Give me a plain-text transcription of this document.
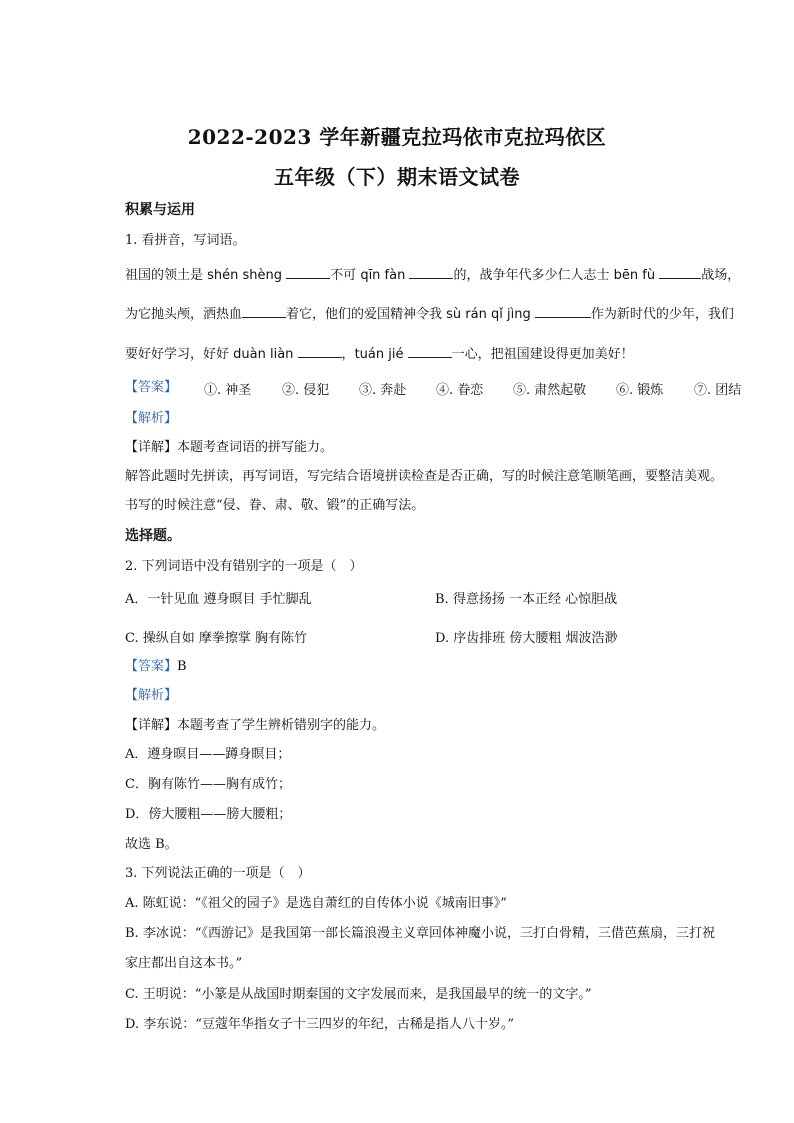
2022-2023 学年新疆克拉玛依市克拉玛依区
五年级（下）期末语文试卷
积累与运用
1. 看拼音，写词语。
祖国的领土是 shén shèng	不可 qīn fàn	的，战争年代多少仁人志士 bēn fù	战场，
为它抛头颅，洒热血	着它，他们的爱国精神令我 sù rán qǐ jìng	作为新时代的少年，我们
要好好学习，好好 duàn liàn	，tuán jié	一心，把祖国建设得更加美好！
【答案】 ①. 神圣 ②. 侵犯 ③. 奔赴 ④. 眷恋 ⑤. 肃然起敬 ⑥. 锻炼 ⑦. 团结
【解析】
【详解】本题考查词语的拼写能力。
解答此题时先拼读，再写词语，写完结合语境拼读检查是否正确，写的时候注意笔顺笔画，要整洁美观。
书写的时候注意“侵、眷、肃、敬、锻”的正确写法。
选择题。
2. 下列词语中没有错别字的一项是（　）
A．一针见血 遵身暝目 手忙脚乱	B. 得意扬扬 一本正经 心惊胆战
C. 操纵自如 摩拳擦掌 胸有陈竹	D. 序齿排班 傍大腰粗 烟波浩渺
【答案】B
【解析】
【详解】本题考查了学生辨析错别字的能力。
A．遵身暝目——蹲身瞑目；
C．胸有陈竹——胸有成竹；
D．傍大腰粗——膀大腰粗；
故选 B。
3. 下列说法正确的一项是（　）
A. 陈虹说：“《祖父的园子》是选自萧红的自传体小说《城南旧事》”
B. 李冰说：“《西游记》是我国第一部长篇浪漫主义章回体神魔小说，三打白骨精，三借芭蕉扇，三打祝
家庄都出自这本书。”
C. 王明说：“小篆是从战国时期秦国的文字发展而来，是我国最早的统一的文字。”
D. 李东说：“豆蔻年华指女子十三四岁的年纪，古稀是指人八十岁。”
